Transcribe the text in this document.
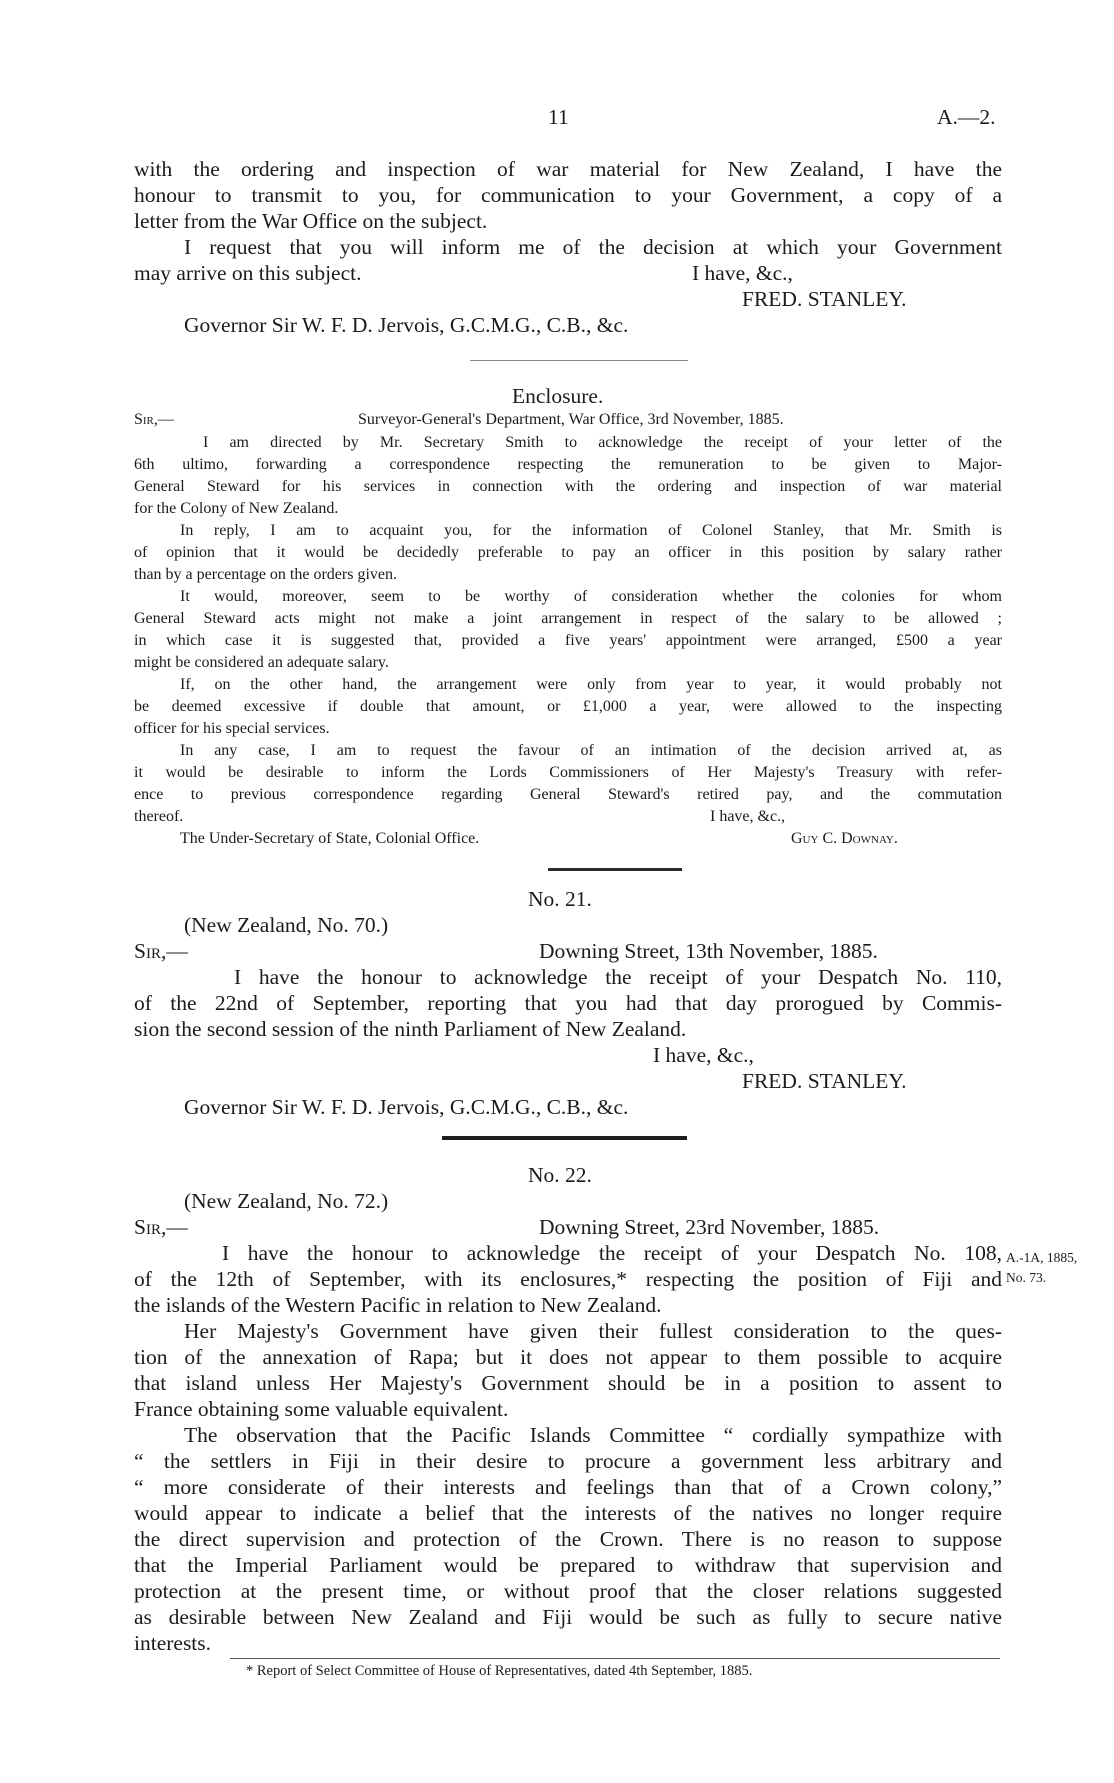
11	A.—2.
with the ordering and inspection of war material for New Zealand, I have the
honour to transmit to you, for communication to your Government, a copy of a
letter from the War Office on the subject.
I request that you will inform me of the decision at which your Government
may arrive on this subject.	I have, &c.,
FRED. STANLEY.
Governor Sir W. F. D. Jervois, G.C.M.G., C.B., &c.
Enclosure.
Sir,—	Surveyor-General's Department, War Office, 3rd November, 1885.
I am directed by Mr. Secretary Smith to acknowledge the receipt of your letter of the
6th ultimo, forwarding a correspondence respecting the remuneration to be given to Major-
General Steward for his services in connection with the ordering and inspection of war material
for the Colony of New Zealand.
In reply, I am to acquaint you, for the information of Colonel Stanley, that Mr. Smith is
of opinion that it would be decidedly preferable to pay an officer in this position by salary rather
than by a percentage on the orders given.
It would, moreover, seem to be worthy of consideration whether the colonies for whom
General Steward acts might not make a joint arrangement in respect of the salary to be allowed ;
in which case it is suggested that, provided a five years' appointment were arranged, £500 a year
might be considered an adequate salary.
If, on the other hand, the arrangement were only from year to year, it would probably not
be deemed excessive if double that amount, or £1,000 a year, were allowed to the inspecting
officer for his special services.
In any case, I am to request the favour of an intimation of the decision arrived at, as
it would be desirable to inform the Lords Commissioners of Her Majesty's Treasury with refer-
ence to previous correspondence regarding General Steward's retired pay, and the commutation
thereof.	I have, &c.,
The Under-Secretary of State, Colonial Office.	Guy C. Downay.
No. 21.
(New Zealand, No. 70.)
Sir,—	Downing Street, 13th November, 1885.
I have the honour to acknowledge the receipt of your Despatch No. 110,
of the 22nd of September, reporting that you had that day prorogued by Commis-
sion the second session of the ninth Parliament of New Zealand.
I have, &c.,
FRED. STANLEY.
Governor Sir W. F. D. Jervois, G.C.M.G., C.B., &c.
No. 22.
(New Zealand, No. 72.)
Sir,—	Downing Street, 23rd November, 1885.
I have the honour to acknowledge the receipt of your Despatch No. 108, A.-1A, 1885,
of the 12th of September, with its enclosures,* respecting the position of Fiji and No. 73.
the islands of the Western Pacific in relation to New Zealand.
Her Majesty's Government have given their fullest consideration to the ques-
tion of the annexation of Rapa; but it does not appear to them possible to acquire
that island unless Her Majesty's Government should be in a position to assent to
France obtaining some valuable equivalent.
The observation that the Pacific Islands Committee “ cordially sympathize with
“ the settlers in Fiji in their desire to procure a government less arbitrary and
“ more considerate of their interests and feelings than that of a Crown colony,”
would appear to indicate a belief that the interests of the natives no longer require
the direct supervision and protection of the Crown. There is no reason to suppose
that the Imperial Parliament would be prepared to withdraw that supervision and
protection at the present time, or without proof that the closer relations suggested
as desirable between New Zealand and Fiji would be such as fully to secure native
interests.
* Report of Select Committee of House of Representatives, dated 4th September, 1885.
